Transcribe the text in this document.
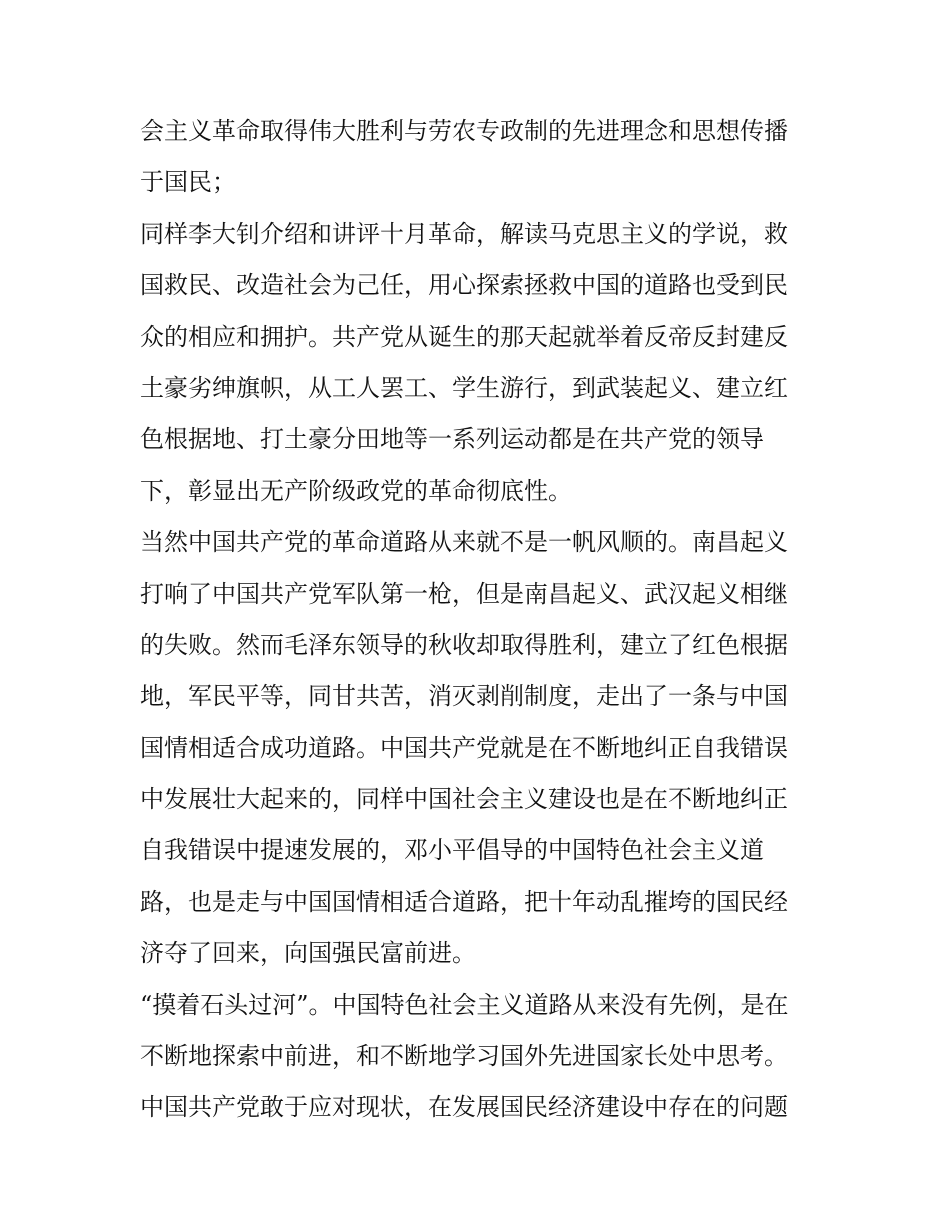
会主义革命取得伟大胜利与劳农专政制的先进理念和思想传播
于国民；
同样李大钊介绍和讲评十月革命，解读马克思主义的学说，救
国救民、改造社会为己任，用心探索拯救中国的道路也受到民
众的相应和拥护。共产党从诞生的那天起就举着反帝反封建反
土豪劣绅旗帜，从工人罢工、学生游行，到武装起义、建立红
色根据地、打土豪分田地等一系列运动都是在共产党的领导
下，彰显出无产阶级政党的革命彻底性。
当然中国共产党的革命道路从来就不是一帆风顺的。南昌起义
打响了中国共产党军队第一枪，但是南昌起义、武汉起义相继
的失败。然而毛泽东领导的秋收却取得胜利，建立了红色根据
地，军民平等，同甘共苦，消灭剥削制度，走出了一条与中国
国情相适合成功道路。中国共产党就是在不断地纠正自我错误
中发展壮大起来的，同样中国社会主义建设也是在不断地纠正
自我错误中提速发展的，邓小平倡导的中国特色社会主义道
路，也是走与中国国情相适合道路，把十年动乱摧垮的国民经
济夺了回来，向国强民富前进。
“摸着石头过河”。中国特色社会主义道路从来没有先例，是在
不断地探索中前进，和不断地学习国外先进国家长处中思考。
中国共产党敢于应对现状，在发展国民经济建设中存在的问题
